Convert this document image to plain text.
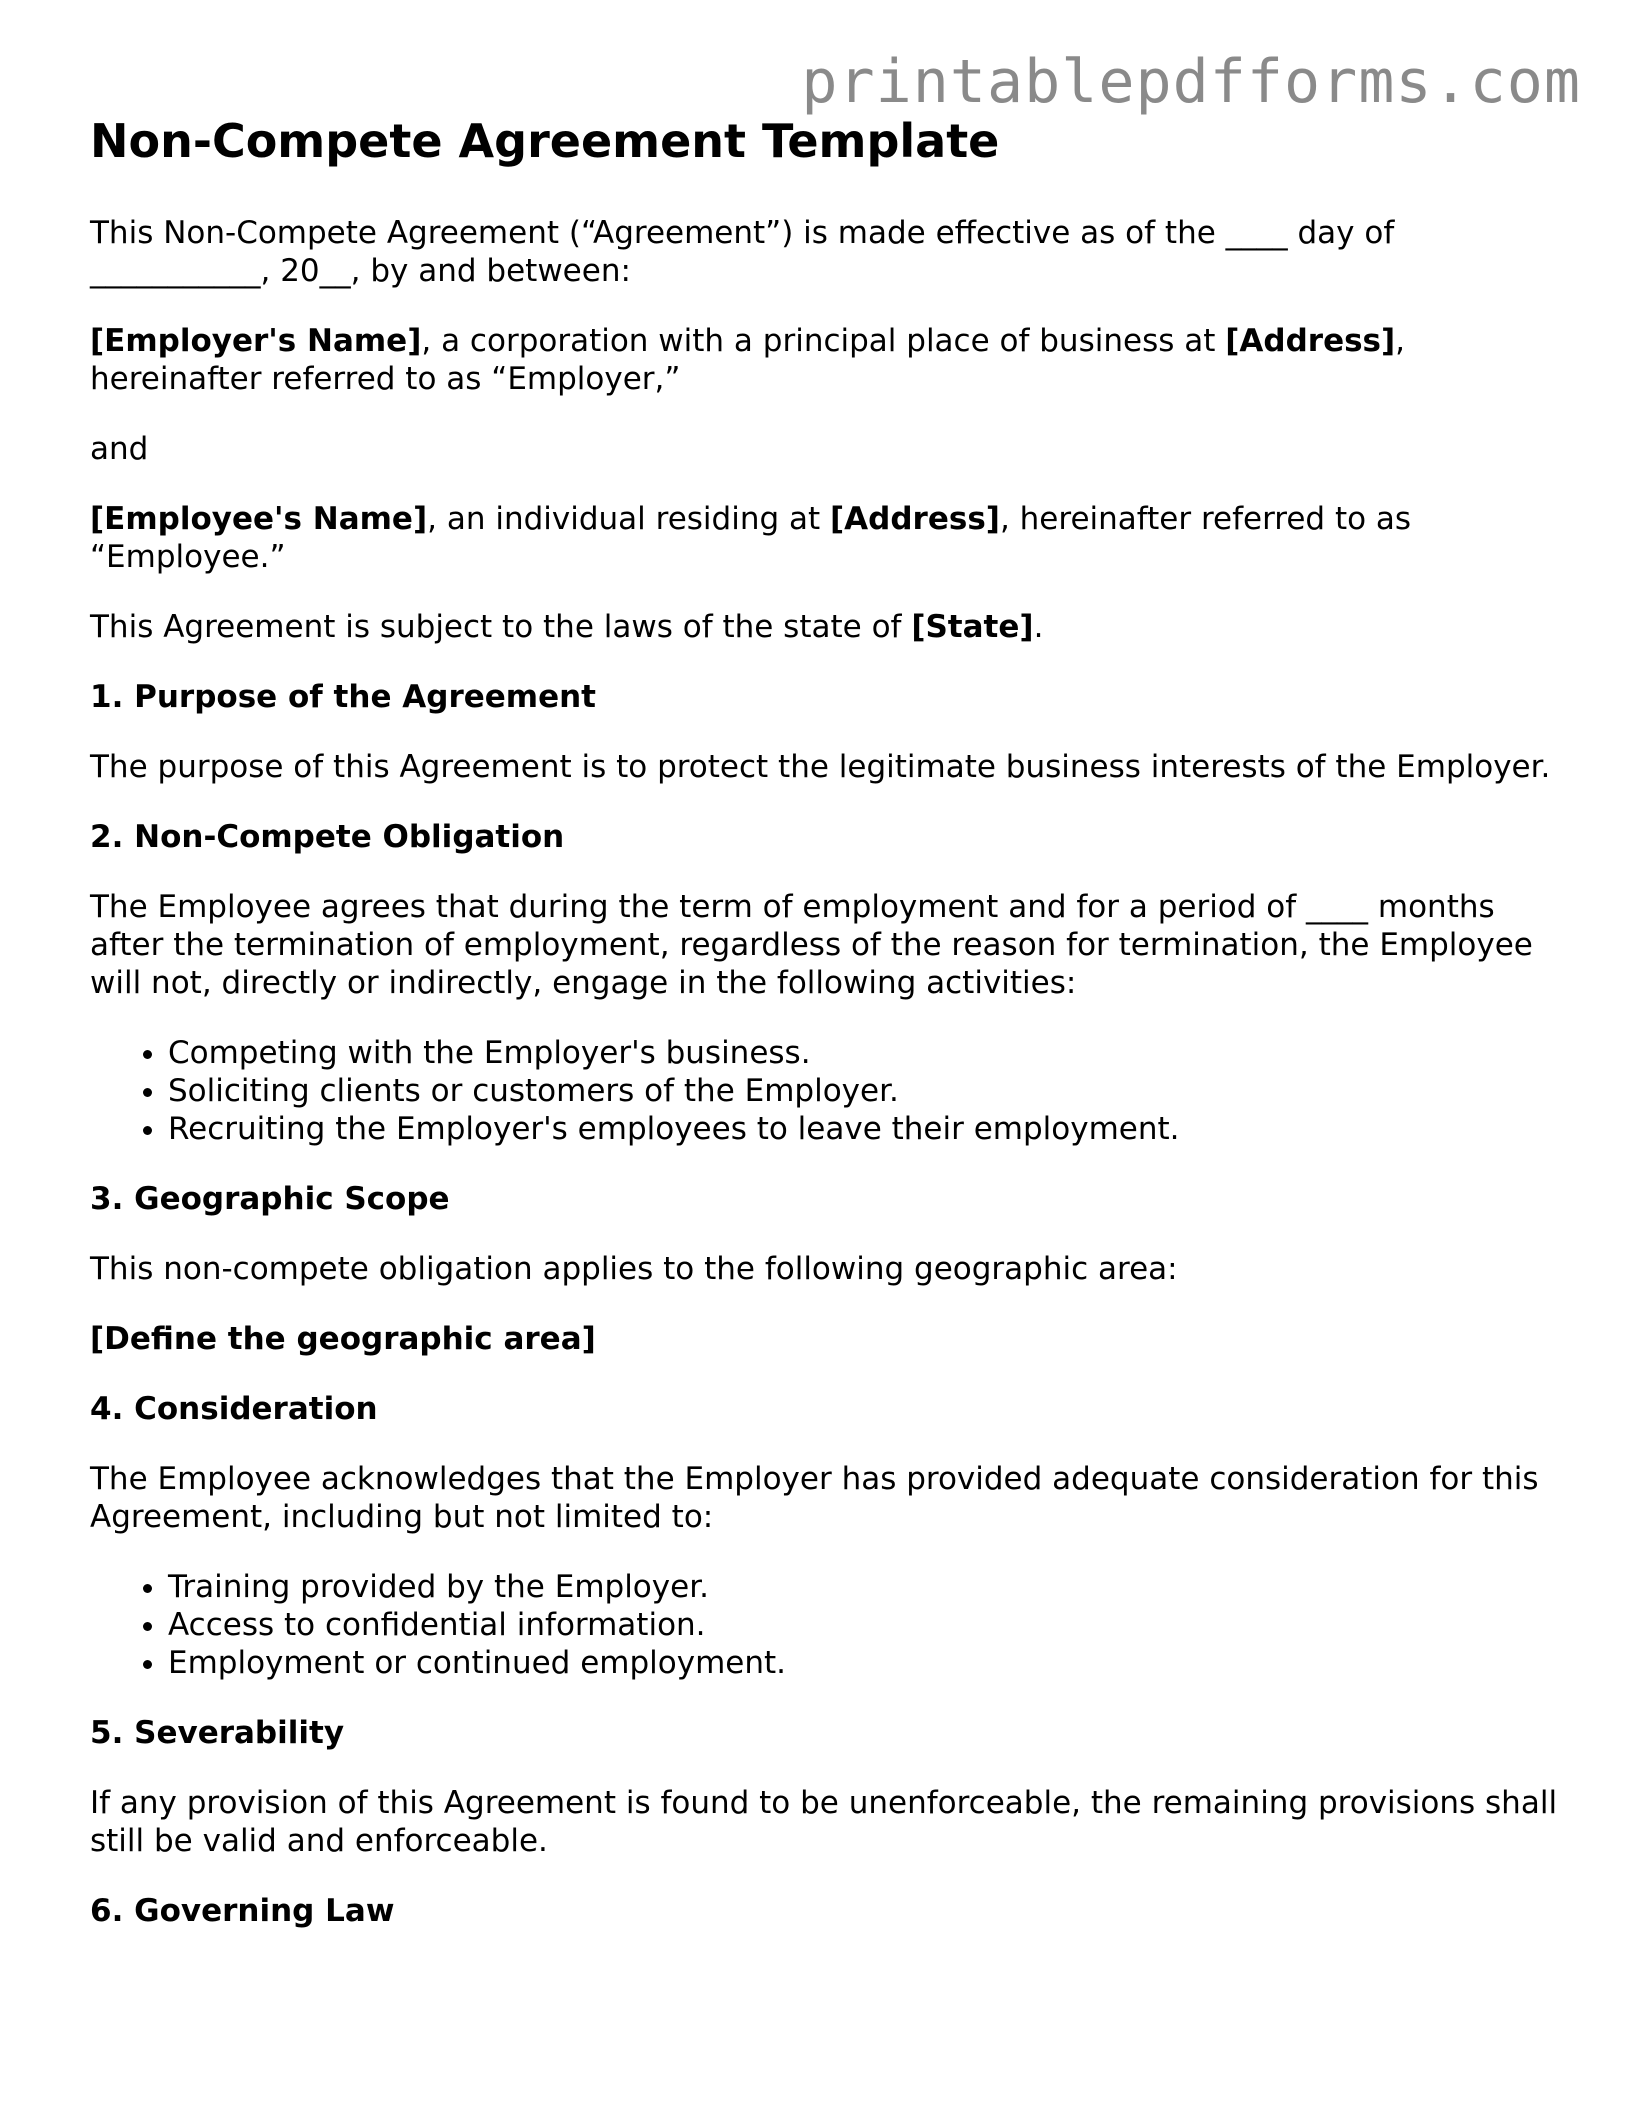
printablepdfforms.com
Non-Compete Agreement Template

This Non-Compete Agreement (“Agreement”) is made effective as of the ____ day of ___________, 20__, by and between:

[Employer's Name], a corporation with a principal place of business at [Address], hereinafter referred to as “Employer,”

and

[Employee's Name], an individual residing at [Address], hereinafter referred to as “Employee.”

This Agreement is subject to the laws of the state of [State].

1. Purpose of the Agreement

The purpose of this Agreement is to protect the legitimate business interests of the Employer.

2. Non-Compete Obligation

The Employee agrees that during the term of employment and for a period of ____ months after the termination of employment, regardless of the reason for termination, the Employee will not, directly or indirectly, engage in the following activities:

• Competing with the Employer's business.
• Soliciting clients or customers of the Employer.
• Recruiting the Employer's employees to leave their employment.
3. Geographic Scope

This non-compete obligation applies to the following geographic area:

[Define the geographic area]

4. Consideration

The Employee acknowledges that the Employer has provided adequate consideration for this Agreement, including but not limited to:

• Training provided by the Employer.
• Access to confidential information.
• Employment or continued employment.
5. Severability

If any provision of this Agreement is found to be unenforceable, the remaining provisions shall still be valid and enforceable.

6. Governing Law
